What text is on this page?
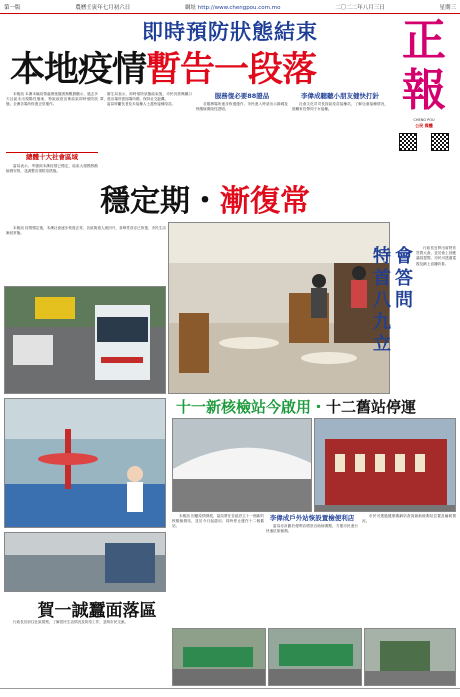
第一版	農曆壬寅年七月初六日	網址 http://www.chengpou.com.mo	二〇二二年八月三日	星期三
即時預防狀態結束
本地疫情暫告一段落
正
報
CHENG POU
公民 媒體

本報訊 本澳本輪疫情處理後隨著無數據顯示，過去多天社區未出現陽性個案，特區政府宣佈結束即時預防狀態，全澳各場所恢復正常運作。

總體十大社會區域

當局表示，考慮到本澳疫情已穩定，結束大規模核酸檢測安排，並調整各項防疫措施。

衛生局表示，即時預防狀態結束後，市民仍需佩戴口罩，進出場所需掃場所碼，保持社交距離。

當局呼籲長者及未接種人士盡快接種疫苗。

服務復必要88證品

各服務場所逐步恢復運作，市民進入時須出示綠碼及核酸檢測陰性證明。

李偉成聽聽小朋友健快打針

社會文化司司長探訪疫苗接種站，了解兒童接種情況，鼓勵家長帶同子女接種。

穩定期・漸復常

本報訊 疫情穩定後，本澳社會逐步恢復正常，各區街道人流回升，食肆堂食亦已恢復，市民生活漸回常態。

特首八九立
會答問

行政長官將出席特首答問大會，並於會上回應議員提問，市民可透過電視及網上直播收看。

十一新核檢站今啟用・十二舊站停運

本報訊 因應疫情發展，當局將在各區設立十一個新的核酸檢測站，並於今日起啟用，同時停止運作十二個舊站。

李偉成戶外站恢設置檢便利店

當局亦計劃於便利店增設自助檢測點，方便市民進行快速抗原檢測。

市民可透過健康碼網站查詢最新檢測站位置及輪候情況。

賀一誠蠶面落區

行政長官前往社區視察，了解居民生活情況及防疫工作，並與市民交流。
